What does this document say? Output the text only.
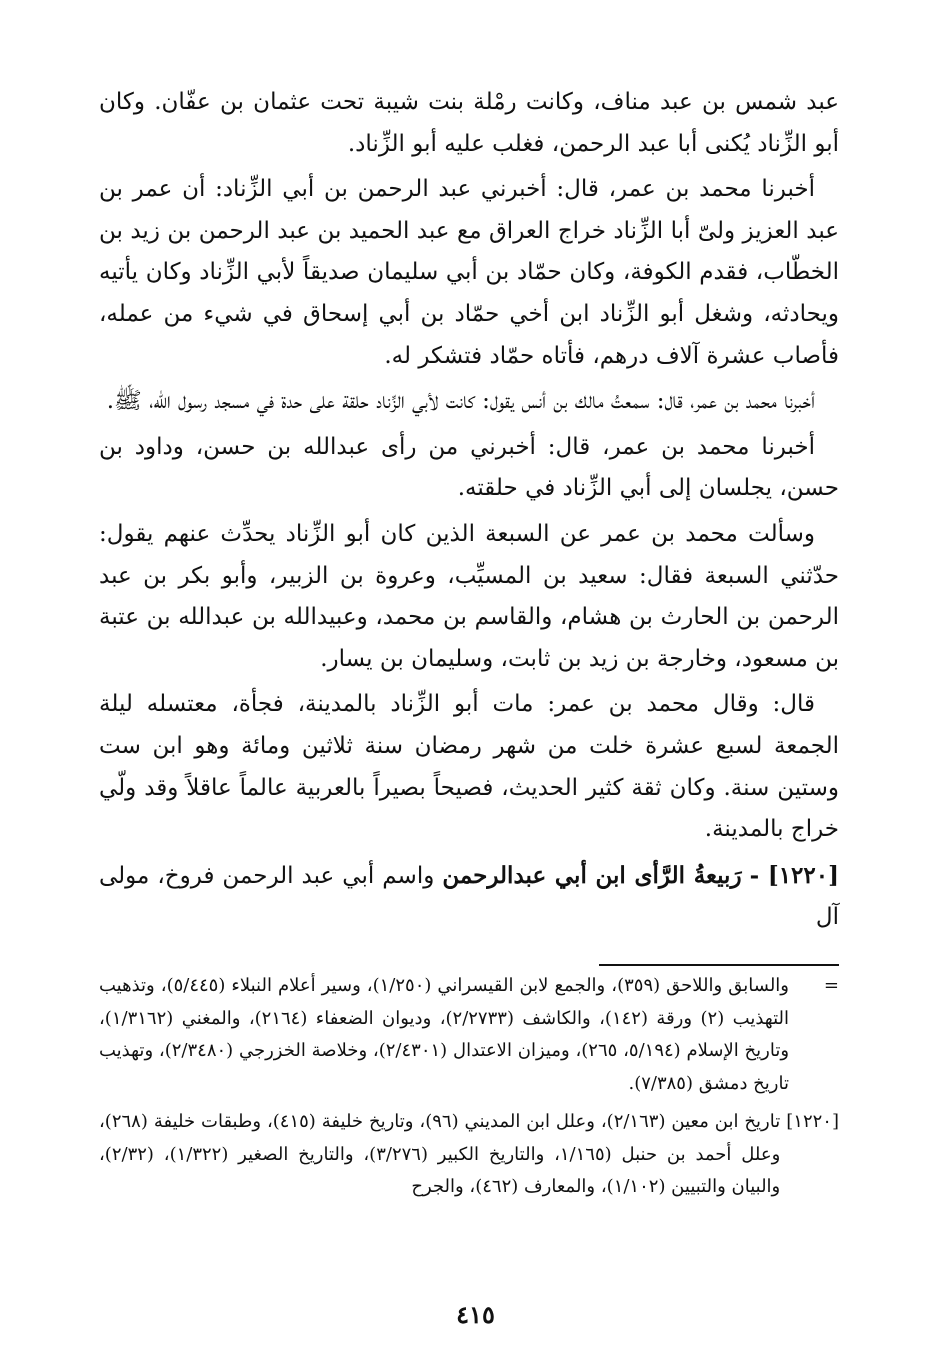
عبد شمس بن عبد مناف، وكانت رمْلة بنت شيبة تحت عثمان بن عفّان. وكان أبو الزِّناد يُكنى أبا عبد الرحمن، فغلب عليه أبو الزِّناد.

أخبرنا محمد بن عمر، قال: أخبرني عبد الرحمن بن أبي الزِّناد: أن عمر بن عبد العزيز ولىّ أبا الزِّناد خراج العراق مع عبد الحميد بن عبد الرحمن بن زيد بن الخطّاب، فقدم الكوفة، وكان حمّاد بن أبي سليمان صديقاً لأبي الزِّناد وكان يأتيه ويحادثه، وشغل أبو الزِّناد ابن أخي حمّاد بن أبي إسحاق في شيء من عمله، فأصاب عشرة آلاف درهم، فأتاه حمّاد فتشكر له.

أخبرنا محمد بن عمر، قال: سمعتُ مالك بن أنس يقول: كانت لأبي الزِّناد حلقة على حدة في مسجد رسول الله، ﷺ.

أخبرنا محمد بن عمر، قال: أخبرني من رأى عبدالله بن حسن، وداود بن حسن، يجلسان إلى أبي الزِّناد في حلقته.

وسألت محمد بن عمر عن السبعة الذين كان أبو الزِّناد يحدِّث عنهم يقول: حدّثني السبعة فقال: سعيد بن المسيِّب، وعروة بن الزبير، وأبو بكر بن عبد الرحمن بن الحارث بن هشام، والقاسم بن محمد، وعبيدالله بن عبدالله بن عتبة بن مسعود، وخارجة بن زيد بن ثابت، وسليمان بن يسار.

قال: وقال محمد بن عمر: مات أبو الزِّناد بالمدينة، فجأة، معتسله ليلة الجمعة لسبع عشرة خلت من شهر رمضان سنة ثلاثين ومائة وهو ابن ست وستين سنة. وكان ثقة كثير الحديث، فصيحاً بصيراً بالعربية عالماً عاقلاً وقد ولّي خراج بالمدينة.

[١٢٢٠] - رَبيعةُ الرَّأى ابن أبي عبدالرحمن واسم أبي عبد الرحمن فروخ، مولى آل

=
والسابق واللاحق (٣٥٩)، والجمع لابن القيسراني (١/٢٥٠)، وسير أعلام النبلاء (٥/٤٤٥)، وتذهيب التهذيب (٢) ورقة (١٤٢)، والكاشف (٢/٢٧٣٣)، وديوان الضعفاء (٢١٦٤)، والمغني (١/٣١٦٢)، وتاريخ الإسلام (٥/١٩٤، ٢٦٥)، وميزان الاعتدال (٢/٤٣٠١)، وخلاصة الخزرجي (٢/٣٤٨٠)، وتهذيب تاريخ دمشق (٧/٣٨٥).
[١٢٢٠]
تاريخ ابن معين (٢/١٦٣)، وعلل ابن المديني (٩٦)، وتاريخ خليفة (٤١٥)، وطبقات خليفة (٢٦٨)، وعلل أحمد بن حنبل (١/١٦٥، والتاريخ الكبير (٣/٢٧٦)، والتاريخ الصغير (١/٣٢٢)، (٢/٣٢)، والبيان والتبيين (١/١٠٢)، والمعارف (٤٦٢)، والجرح
٤١٥
